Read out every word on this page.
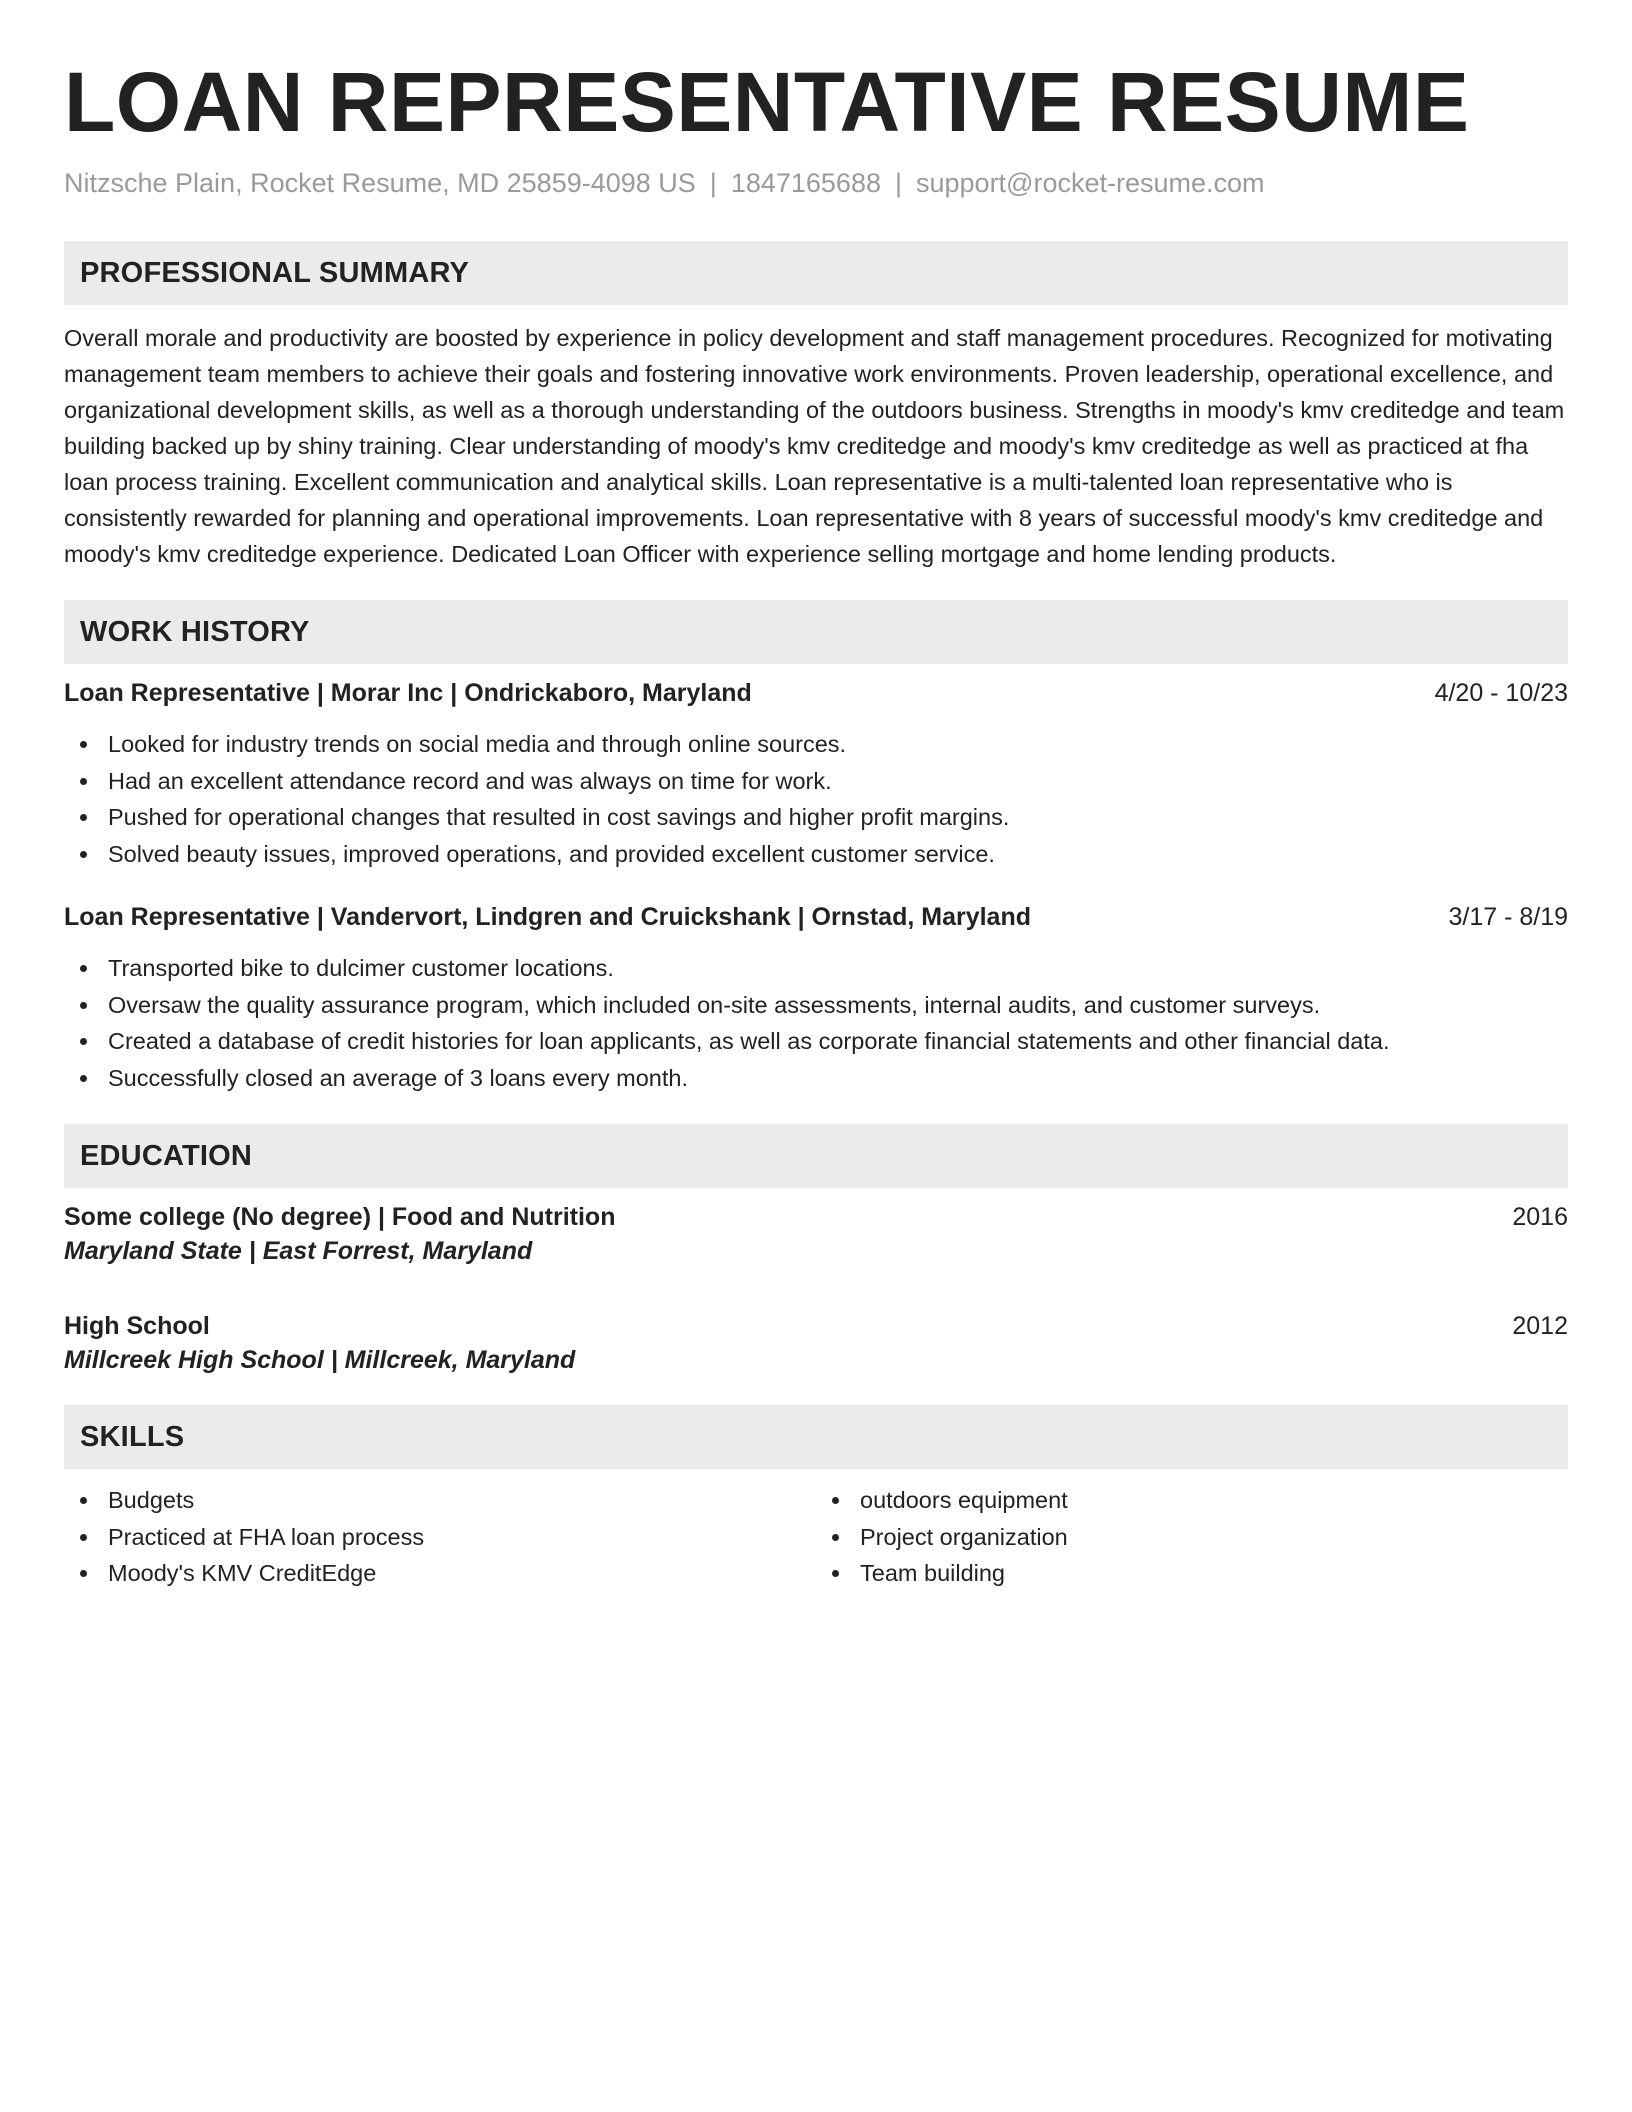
LOAN REPRESENTATIVE RESUME
Nitzsche Plain, Rocket Resume, MD 25859-4098 US | 1847165688 | support@rocket-resume.com
PROFESSIONAL SUMMARY

Overall morale and productivity are boosted by experience in policy development and staff management procedures. Recognized for motivating management team members to achieve their goals and fostering innovative work environments. Proven leadership, operational excellence, and organizational development skills, as well as a thorough understanding of the outdoors business. Strengths in moody's kmv creditedge and team building backed up by shiny training. Clear understanding of moody's kmv creditedge and moody's kmv creditedge as well as practiced at fha loan process training. Excellent communication and analytical skills. Loan representative is a multi-talented loan representative who is consistently rewarded for planning and operational improvements. Loan representative with 8 years of successful moody's kmv creditedge and moody's kmv creditedge experience. Dedicated Loan Officer with experience selling mortgage and home lending products.

WORK HISTORY
Loan Representative | Morar Inc | Ondrickaboro, Maryland	4/20 - 10/23
Looked for industry trends on social media and through online sources.
Had an excellent attendance record and was always on time for work.
Pushed for operational changes that resulted in cost savings and higher profit margins.
Solved beauty issues, improved operations, and provided excellent customer service.
Loan Representative | Vandervort, Lindgren and Cruickshank | Ornstad, Maryland	3/17 - 8/19
Transported bike to dulcimer customer locations.
Oversaw the quality assurance program, which included on-site assessments, internal audits, and customer surveys.
Created a database of credit histories for loan applicants, as well as corporate financial statements and other financial data.
Successfully closed an average of 3 loans every month.
EDUCATION
Some college (No degree) | Food and Nutrition	2016
Maryland State | East Forrest, Maryland
High School	2012
Millcreek High School | Millcreek, Maryland
SKILLS
Budgets
Practiced at FHA loan process
Moody's KMV CreditEdge
outdoors equipment
Project organization
Team building
